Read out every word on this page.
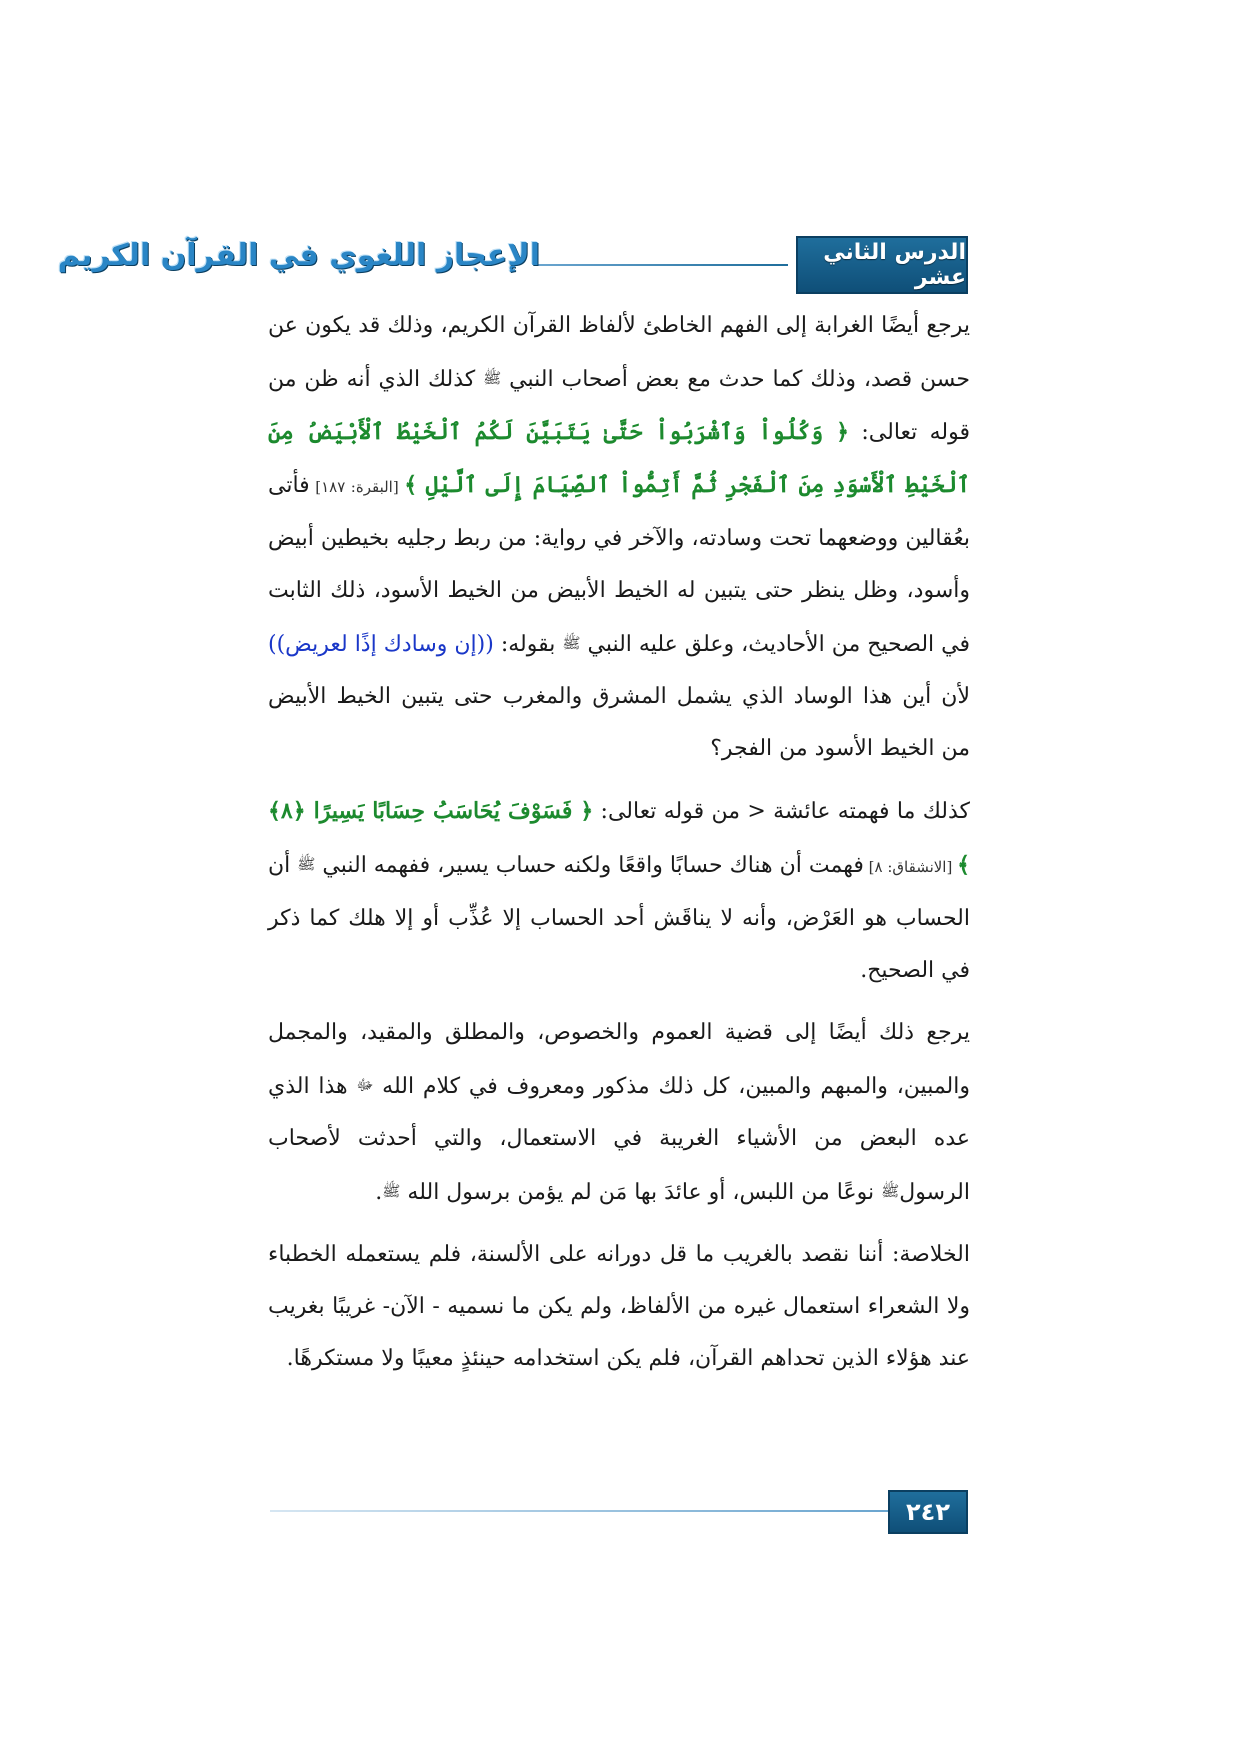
الدرس الثاني عشر
الإعجاز اللغوي في القرآن الكريم

يرجع أيضًا الغرابة إلى الفهم الخاطئ لألفاظ القرآن الكريم، وذلك قد يكون عن حسن قصد، وذلك كما حدث مع بعض أصحاب النبي ﷺ كذلك الذي أنه ظن من قوله تعالى: ﴿ وَكُلُواْ وَٱشْرَبُواْ حَتَّىٰ يَتَبَيَّنَ لَكُمُ ٱلْخَيْطُ ٱلْأَبْيَضُ مِنَ ٱلْخَيْطِ ٱلْأَسْوَدِ مِنَ ٱلْفَجْرِ ثُمَّ أَتِمُّواْ ٱلصِّيَامَ إِلَى ٱلَّيْلِ ﴾ [البقرة: ١٨٧] فأتى بعُقالين ووضعهما تحت وسادته، والآخر في رواية: من ربط رجليه بخيطين أبيض وأسود، وظل ينظر حتى يتبين له الخيط الأبيض من الخيط الأسود، ذلك الثابت في الصحيح من الأحاديث، وعلق عليه النبي ﷺ بقوله: ((إن وسادك إذًا لعريض)) لأن أين هذا الوساد الذي يشمل المشرق والمغرب حتى يتبين الخيط الأبيض من الخيط الأسود من الفجر؟

كذلك ما فهمته عائشة < من قوله تعالى: ﴿ فَسَوْفَ يُحَاسَبُ حِسَابًا يَسِيرًا ﴿٨﴾ ﴾ [الانشقاق: ٨] فهمت أن هناك حسابًا واقعًا ولكنه حساب يسير، ففهمه النبي ﷺ أن الحساب هو العَرْض، وأنه لا يناقَش أحد الحساب إلا عُذِّب أو إلا هلك كما ذكر في الصحيح.

يرجع ذلك أيضًا إلى قضية العموم والخصوص، والمطلق والمقيد، والمجمل والمبين، والمبهم والمبين، كل ذلك مذكور ومعروف في كلام الله ﷻ هذا الذي عده البعض من الأشياء الغريبة في الاستعمال، والتي أحدثت لأصحاب الرسولﷺ نوعًا من اللبس، أو عائدَ بها مَن لم يؤمن برسول الله ﷺ.

الخلاصة: أننا نقصد بالغريب ما قل دورانه على الألسنة، فلم يستعمله الخطباء ولا الشعراء استعمال غيره من الألفاظ، ولم يكن ما نسميه - الآن- غريبًا بغريب عند هؤلاء الذين تحداهم القرآن، فلم يكن استخدامه حينئذٍ معيبًا ولا مستكرهًا.

٢٤٢
